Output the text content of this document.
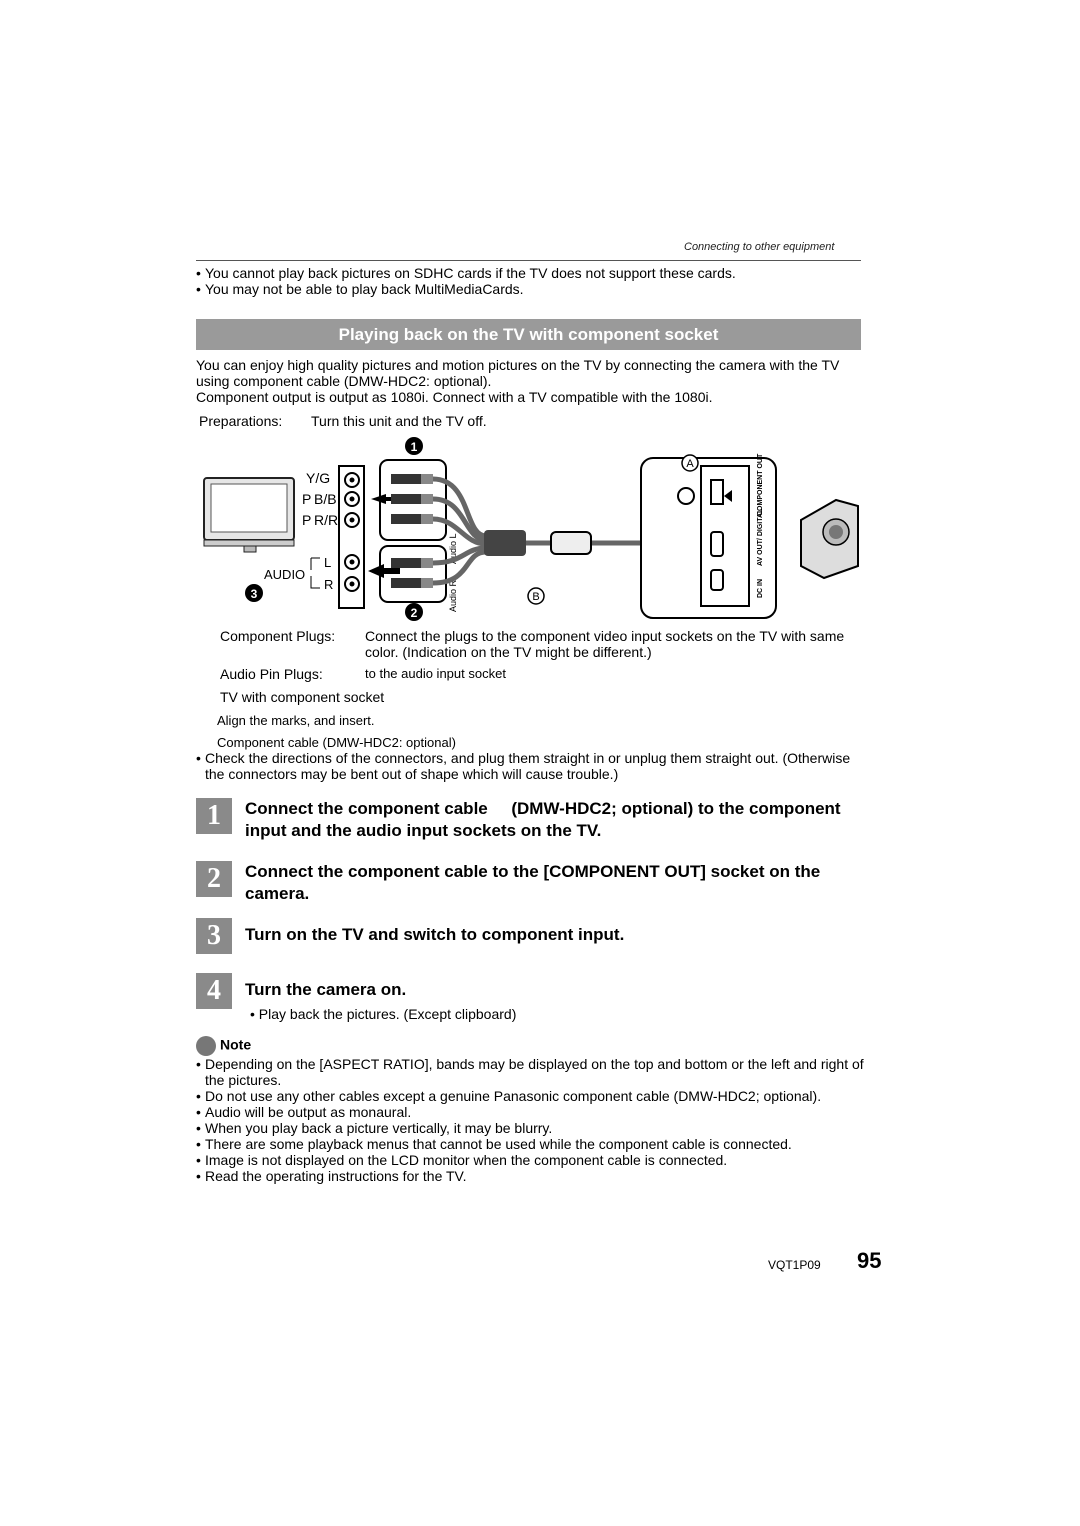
Connecting to other equipment
• You cannot play back pictures on SDHC cards if the TV does not support these cards.
• You may not be able to play back MultiMediaCards.
Playing back on the TV with component socket
You can enjoy high quality pictures and motion pictures on the TV by connecting the camera with the TV using component cable (DMW-HDC2: optional).
Component output is output as 1080i. Connect with a TV compatible with the 1080i.
Preparations: Turn this unit and the TV off.
Y/G
P B/B
P R/R
L
AUDIO
R
Audio L
Audio R
COMPONENT OUT
AV OUT/ DIGITAL
DC IN
1
2
3
A
B
Component Plugs: Connect the plugs to the component video input sockets on the TV with same color. (Indication on the TV might be different.)
Audio Pin Plugs:	to the audio input socket
TV with component socket
Align the marks, and insert.
Component cable (DMW-HDC2: optional)
• Check the directions of the connectors, and plug them straight in or unplug them straight out. (Otherwise the connectors may be bent out of shape which will cause trouble.)
1	Connect the component cable     (DMW-HDC2; optional) to the component input and the audio input sockets on the TV.
2	Connect the component cable to the [COMPONENT OUT] socket on the camera.
3	Turn on the TV and switch to component input.
4	Turn the camera on.
• Play back the pictures. (Except clipboard)
Note
• Depending on the [ASPECT RATIO], bands may be displayed on the top and bottom or the left and right of the pictures.
• Do not use any other cables except a genuine Panasonic component cable (DMW-HDC2; optional).
• Audio will be output as monaural.
• When you play back a picture vertically, it may be blurry.
• There are some playback menus that cannot be used while the component cable is connected.
• Image is not displayed on the LCD monitor when the component cable is connected.
• Read the operating instructions for the TV.
VQT1P09 95
